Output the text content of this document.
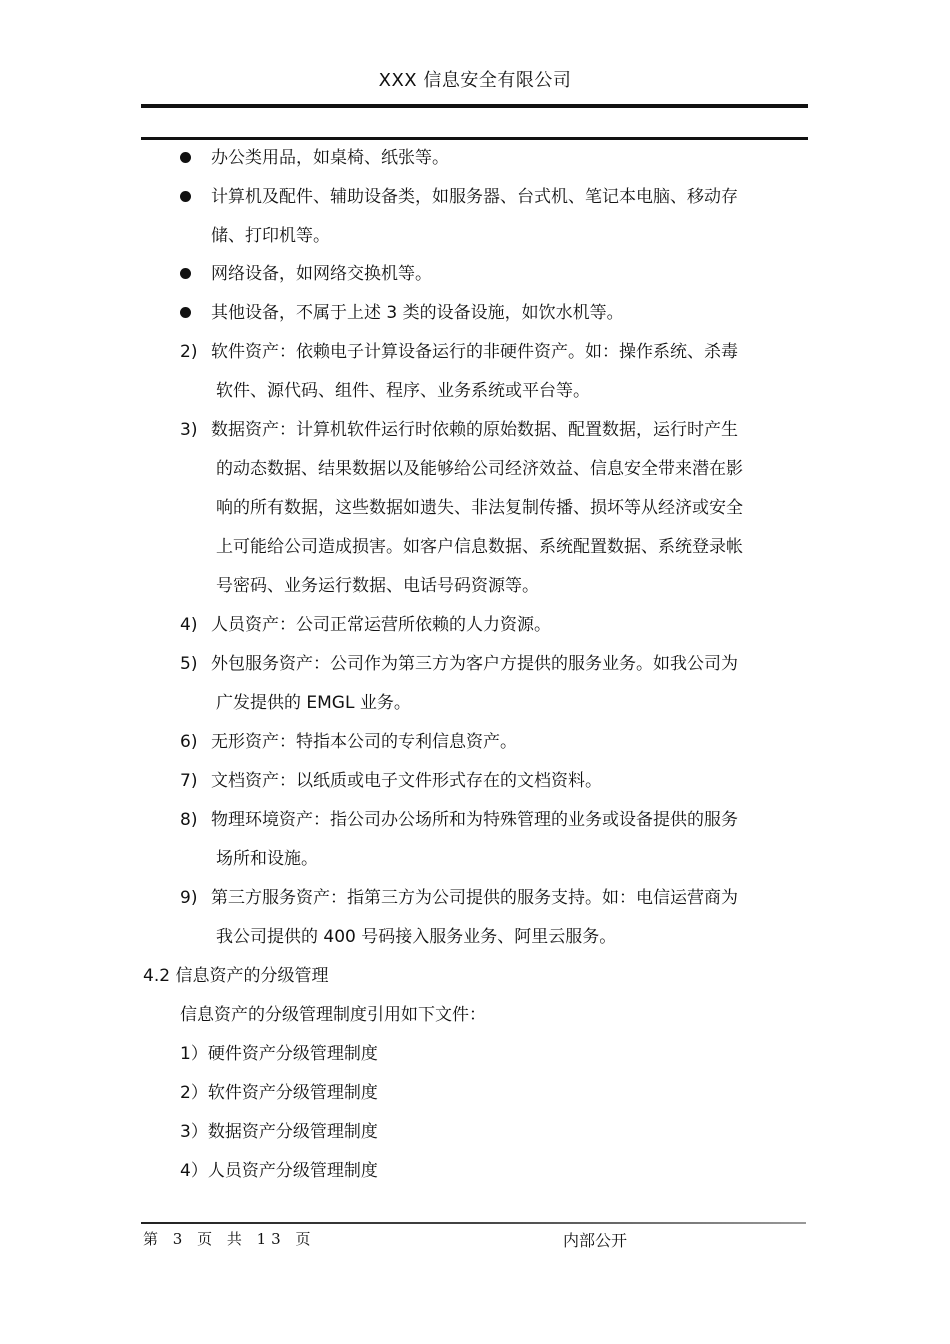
XXX 信息安全有限公司
办公类用品，如桌椅、纸张等。
计算机及配件、辅助设备类，如服务器、台式机、笔记本电脑、移动存
储、打印机等。
网络设备，如网络交换机等。
其他设备，不属于上述 3 类的设备设施，如饮水机等。
2) 软件资产：依赖电子计算设备运行的非硬件资产。如：操作系统、杀毒
软件、源代码、组件、程序、业务系统或平台等。
3) 数据资产：计算机软件运行时依赖的原始数据、配置数据，运行时产生
的动态数据、结果数据以及能够给公司经济效益、信息安全带来潜在影
响的所有数据，这些数据如遗失、非法复制传播、损坏等从经济或安全
上可能给公司造成损害。如客户信息数据、系统配置数据、系统登录帐
号密码、业务运行数据、电话号码资源等。
4) 人员资产：公司正常运营所依赖的人力资源。
5) 外包服务资产：公司作为第三方为客户方提供的服务业务。如我公司为
广发提供的 EMGL 业务。
6) 无形资产：特指本公司的专利信息资产。
7) 文档资产：以纸质或电子文件形式存在的文档资料。
8) 物理环境资产：指公司办公场所和为特殊管理的业务或设备提供的服务
场所和设施。
9) 第三方服务资产：指第三方为公司提供的服务支持。如：电信运营商为
我公司提供的 400 号码接入服务业务、阿里云服务。
4.2 信息资产的分级管理
信息资产的分级管理制度引用如下文件：
1）硬件资产分级管理制度
2）软件资产分级管理制度
3）数据资产分级管理制度
4）人员资产分级管理制度
第 3 页 共 13 页	内部公开
